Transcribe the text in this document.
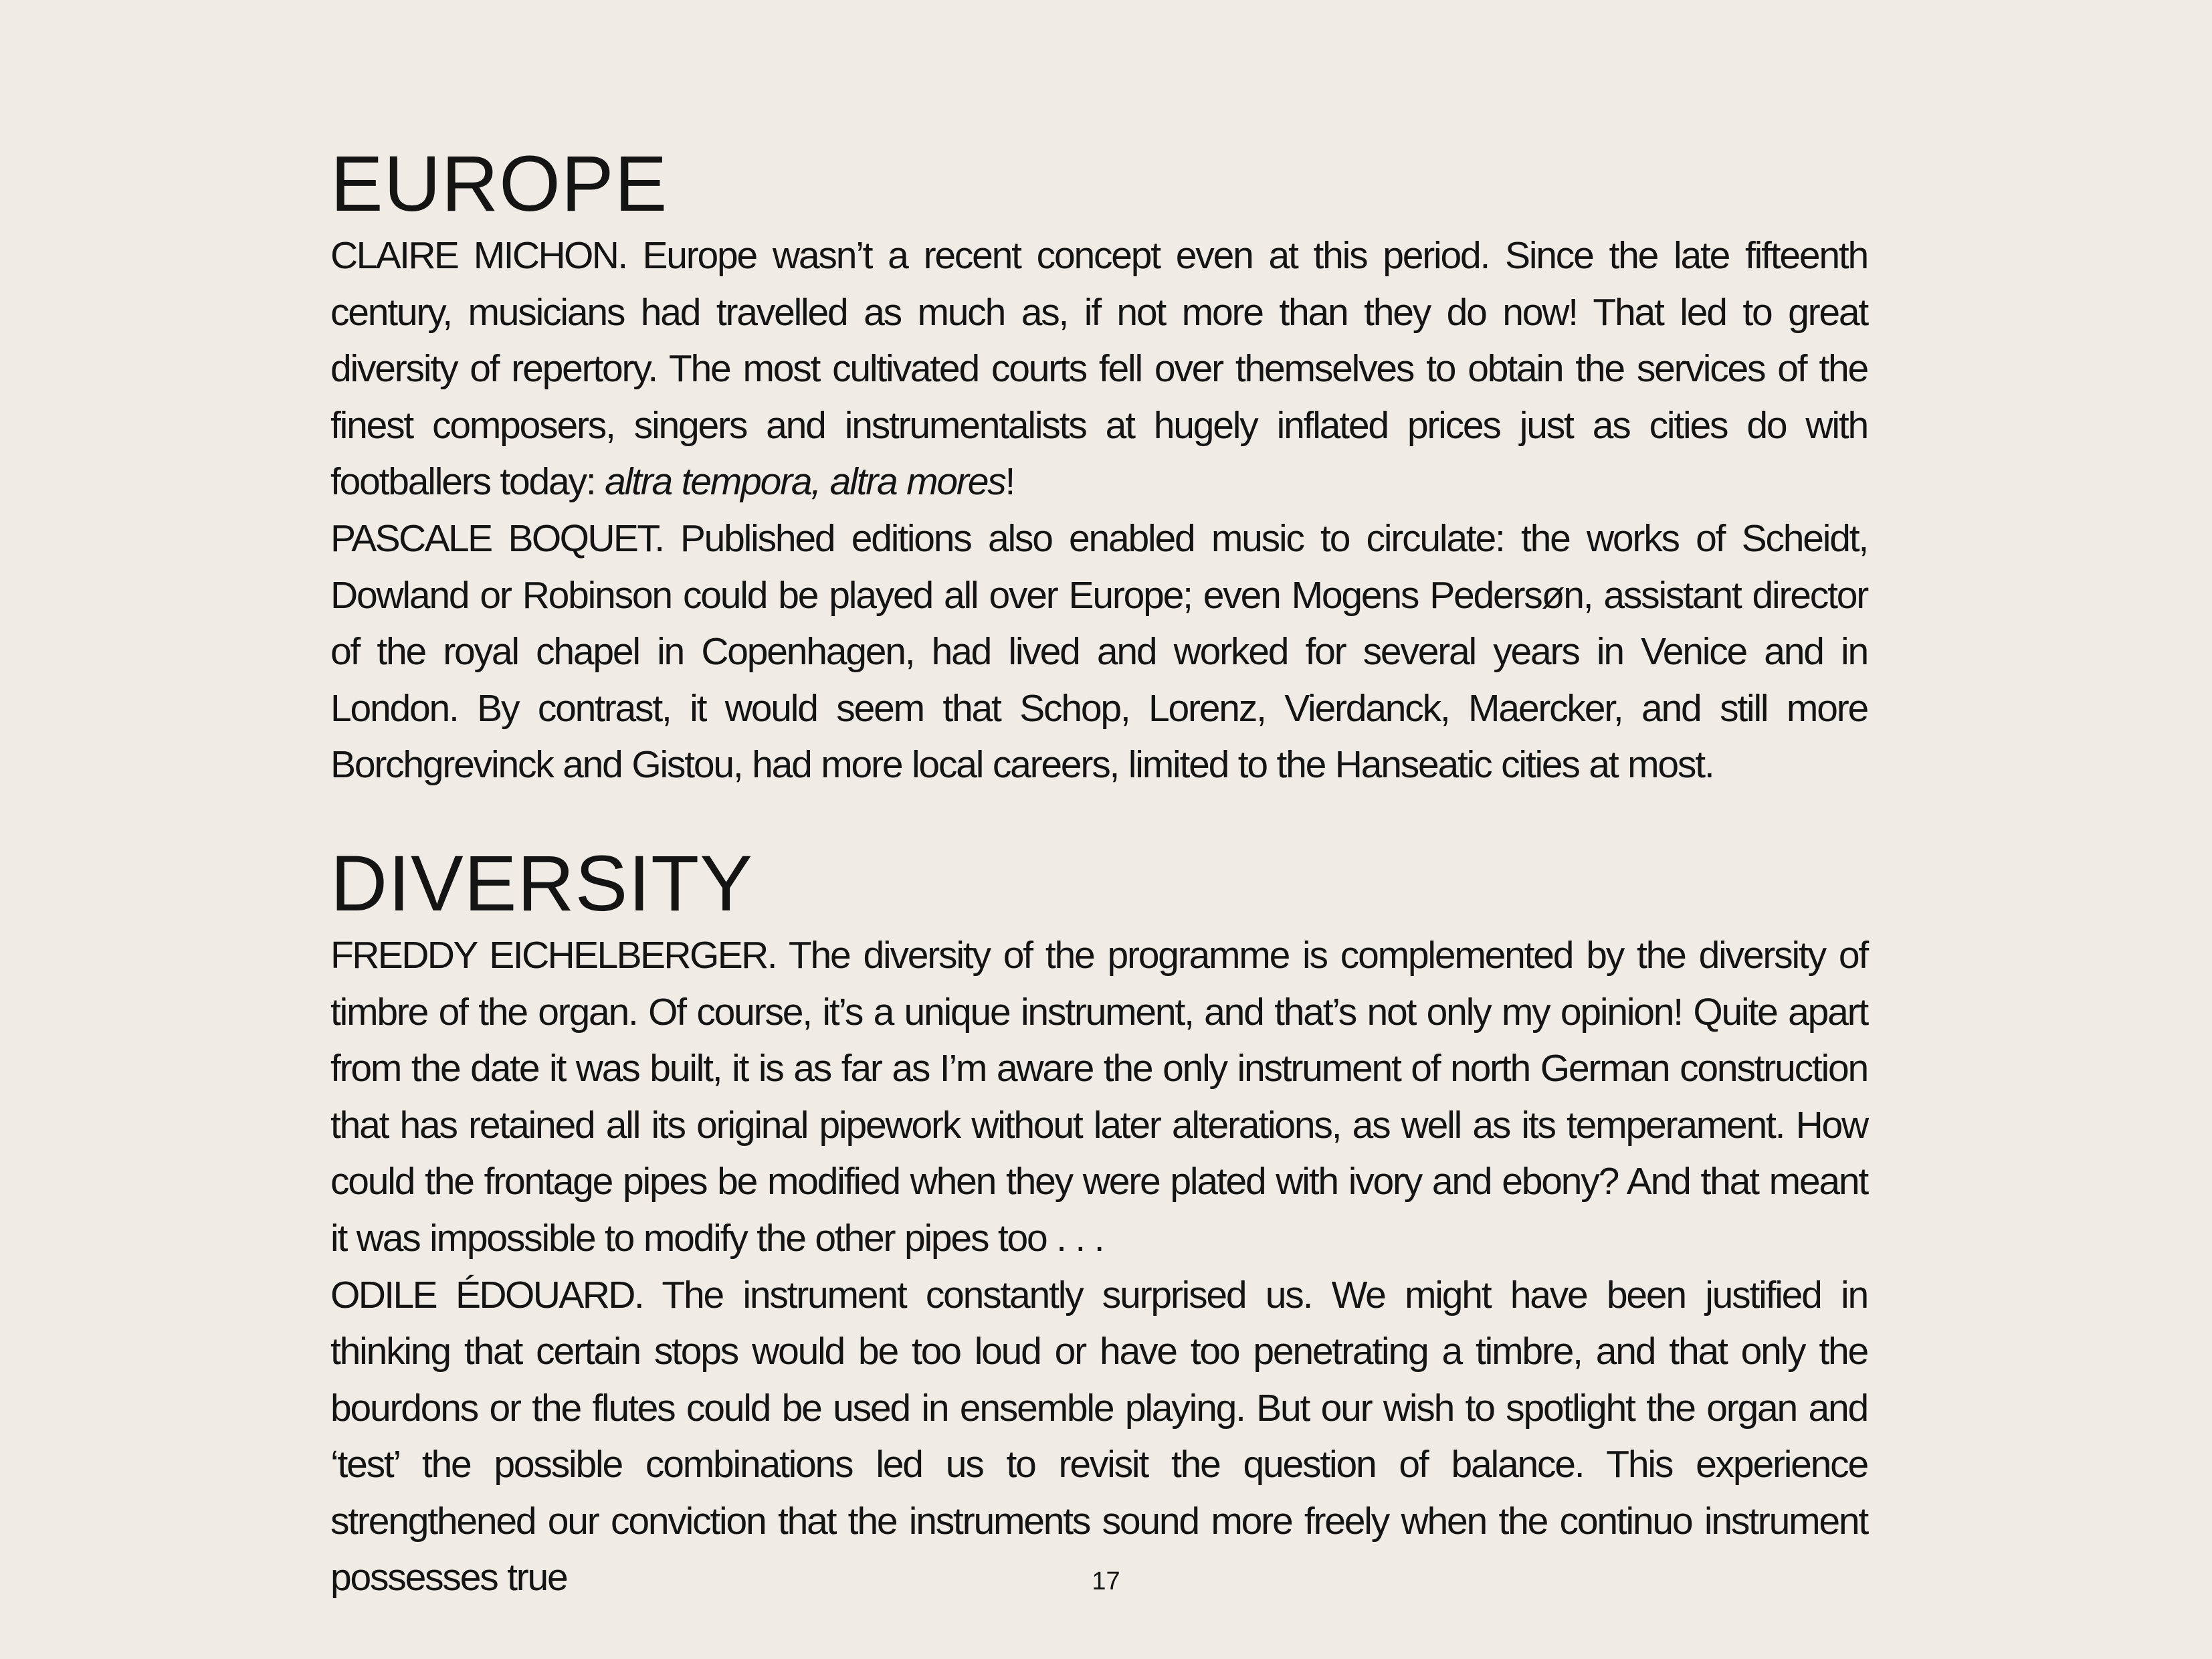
EUROPE

CLAIRE MICHON. Europe wasn’t a recent concept even at this period. Since the late fifteenth century, musicians had travelled as much as, if not more than they do now! That led to great diversity of repertory. The most cultivated courts fell over themselves to obtain the services of the finest composers, singers and instrumentalists at hugely inflated prices just as cities do with footballers today: altra tempora, altra mores!

PASCALE BOQUET. Published editions also enabled music to circulate: the works of Scheidt, Dowland or Robinson could be played all over Europe; even Mogens Pedersøn, assistant director of the royal chapel in Copenhagen, had lived and worked for several years in Venice and in London. By contrast, it would seem that Schop, Lorenz, Vierdanck, Maercker, and still more Borchgrevinck and Gistou, had more local careers, limited to the Hanseatic cities at most.

DIVERSITY

FREDDY EICHELBERGER. The diversity of the programme is complemented by the diversity of timbre of the organ. Of course, it’s a unique instrument, and that’s not only my opinion! Quite apart from the date it was built, it is as far as I’m aware the only instrument of north German construction that has retained all its original pipework without later alterations, as well as its temperament. How could the frontage pipes be modified when they were plated with ivory and ebony? And that meant it was impossible to modify the other pipes too . . .

ODILE ÉDOUARD. The instrument constantly surprised us. We might have been justified in thinking that certain stops would be too loud or have too penetrating a timbre, and that only the bourdons or the flutes could be used in ensemble playing. But our wish to spotlight the organ and ‘test’ the possible combinations led us to revisit the question of balance. This experience strengthened our conviction that the instruments sound more freely when the continuo instrument possesses true	17
